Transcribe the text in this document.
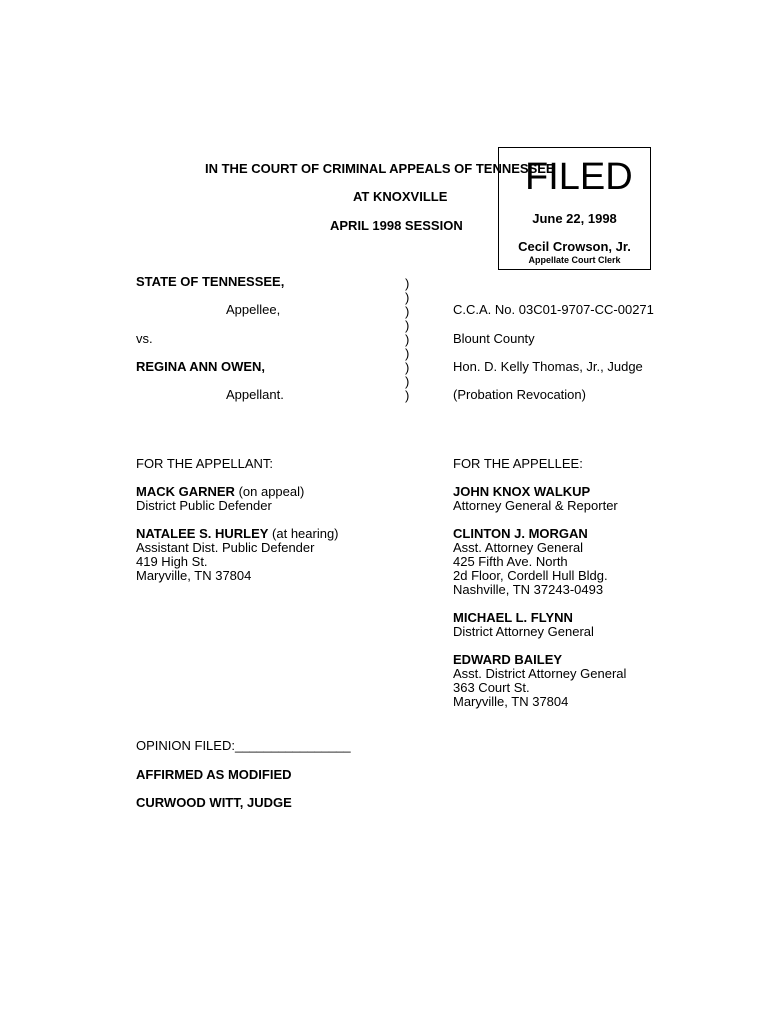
IN THE COURT OF CRIMINAL APPEALS OF TENNESSEE
AT KNOXVILLE
APRIL 1998 SESSION
FILED
June 22, 1998
Cecil Crowson, Jr.
Appellate Court Clerk
STATE OF TENNESSEE,
Appellee,
vs.
REGINA ANN OWEN,
Appellant.
)
)
)
)
)
)
)
)
)
C.C.A. No. 03C01-9707-CC-00271
Blount County
Hon. D. Kelly Thomas, Jr., Judge
(Probation Revocation)
FOR THE APPELLANT:
MACK GARNER (on appeal)
District Public Defender
NATALEE S. HURLEY (at hearing)
Assistant Dist. Public Defender
419 High St.
Maryville, TN 37804
FOR THE APPELLEE:
JOHN KNOX WALKUP
Attorney General & Reporter
CLINTON J. MORGAN
Asst. Attorney General
425 Fifth Ave. North
2d Floor, Cordell Hull Bldg.
Nashville, TN 37243-0493
MICHAEL L. FLYNN
District Attorney General
EDWARD BAILEY
Asst. District Attorney General
363 Court St.
Maryville, TN 37804
OPINION FILED:________________
AFFIRMED AS MODIFIED
CURWOOD WITT, JUDGE
